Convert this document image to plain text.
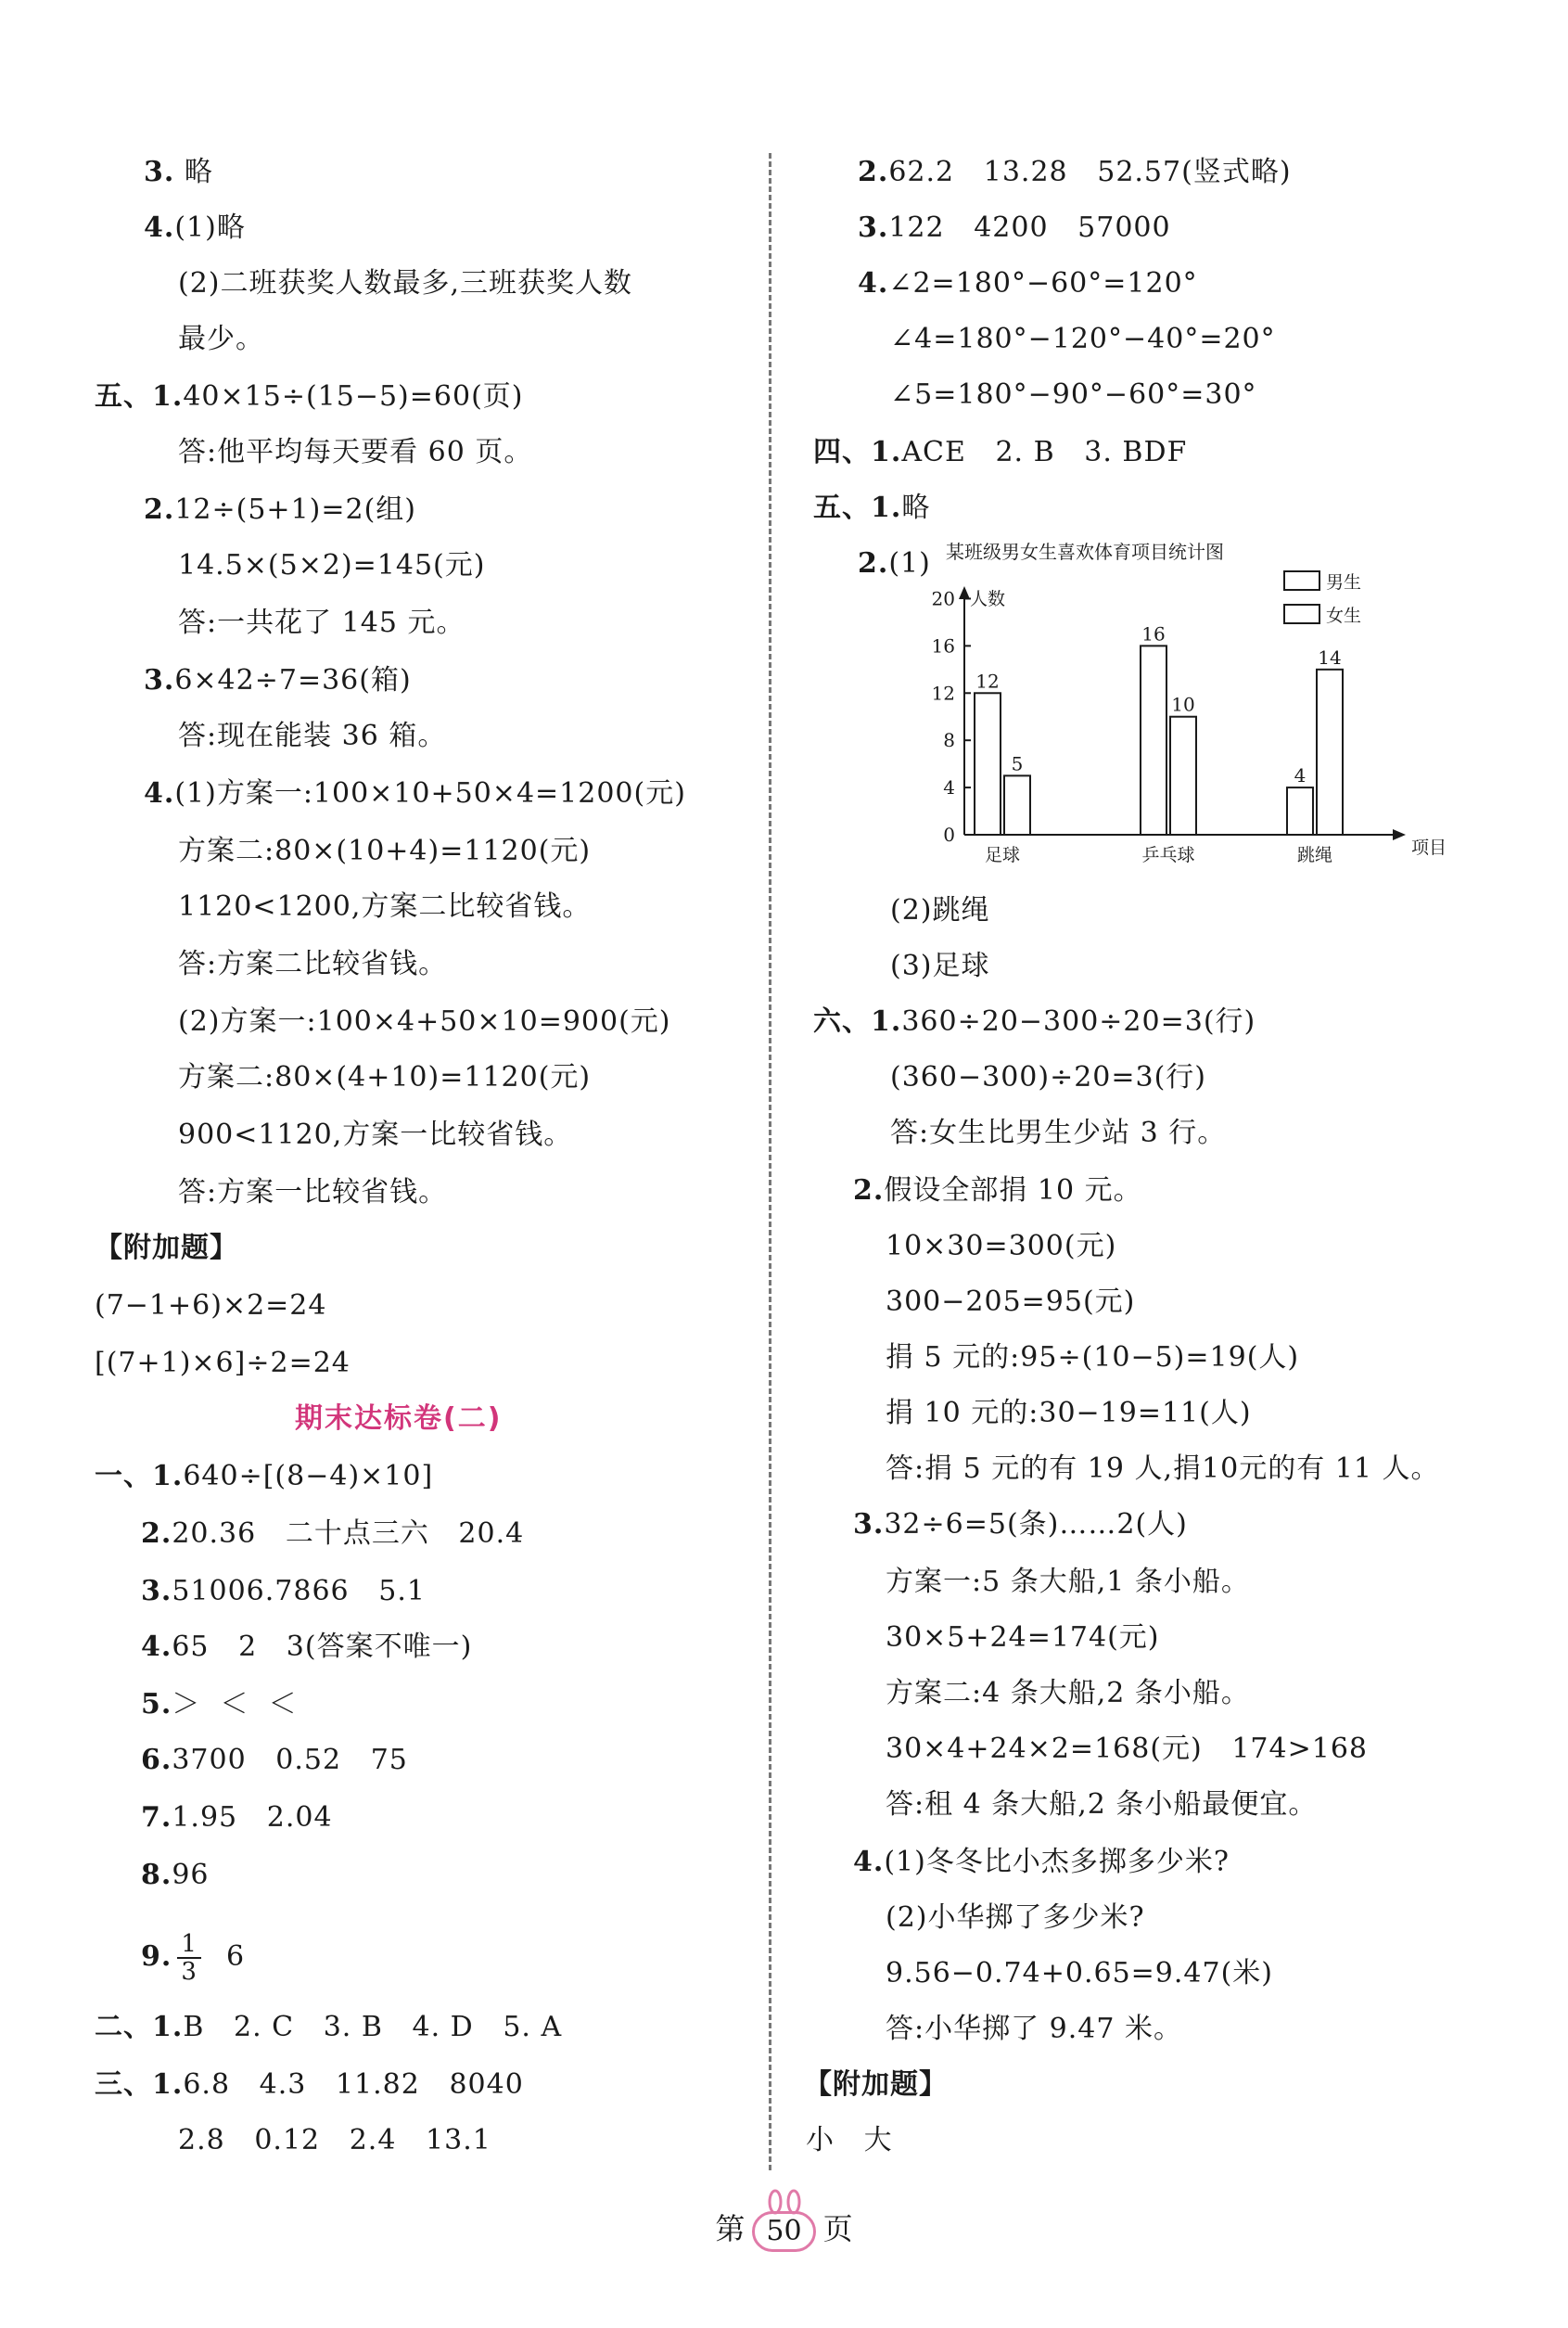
3. 略
4.(1)略
(2)二班获奖人数最多,三班获奖人数
最少。
五、1.40×15÷(15−5)=60(页)
答:他平均每天要看 60 页。
2.12÷(5+1)=2(组)
14.5×(5×2)=145(元)
答:一共花了 145 元。
3.6×42÷7=36(箱)
答:现在能装 36 箱。
4.(1)方案一:100×10+50×4=1200(元)
方案二:80×(10+4)=1120(元)
1120<1200,方案二比较省钱。
答:方案二比较省钱。
(2)方案一:100×4+50×10=900(元)
方案二:80×(4+10)=1120(元)
900<1120,方案一比较省钱。
答:方案一比较省钱。
【附加题】
(7−1+6)×2=24
[(7+1)×6]÷2=24
期末达标卷(二)
一、1.640÷[(8−4)×10]
2.20.36   二十点三六   20.4
3.51006.7866   5.1
4.65   2   3(答案不唯一)
5.＞  ＜  ＜
6.3700   0.52   75
7.1.95   2.04
8.96
9. $\frac{1}{3} 6$
二、1.B   2. C   3. B   4. D   5. A
三、1.6.8   4.3   11.82   8040
2.8   0.12   2.4   13.1
2.62.2   13.28   52.57(竖式略)
3.122   4200   57000
4.∠2=180°−60°=120°
∠4=180°−120°−40°=20°
∠5=180°−90°−60°=30°
四、1.ACE   2. B   3. BDF
五、1.略
2.(1)
(2)跳绳
(3)足球
六、1.360÷20−300÷20=3(行)
(360−300)÷20=3(行)
答:女生比男生少站 3 行。
2.假设全部捐 10 元。
10×30=300(元)
300−205=95(元)
捐 5 元的:95÷(10−5)=19(人)
捐 10 元的:30−19=11(人)
答:捐 5 元的有 19 人,捐10元的有 11 人。
3.32÷6=5(条)……2(人)
方案一:5 条大船,1 条小船。
30×5+24=174(元)
方案二:4 条大船,2 条小船。
30×4+24×2=168(元)   174>168
答:租 4 条大船,2 条小船最便宜。
4.(1)冬冬比小杰多掷多少米?
(2)小华掷了多少米?
9.56−0.74+0.65=9.47(米)
答:小华掷了 9.47 米。
【附加题】
小   大
某班级男女生喜欢体育项目统计图
人数
项目
0
4
8
12
16
20
12
5
足球
16
10
乒乓球
4
14
跳绳
男生
女生
第 50 页
